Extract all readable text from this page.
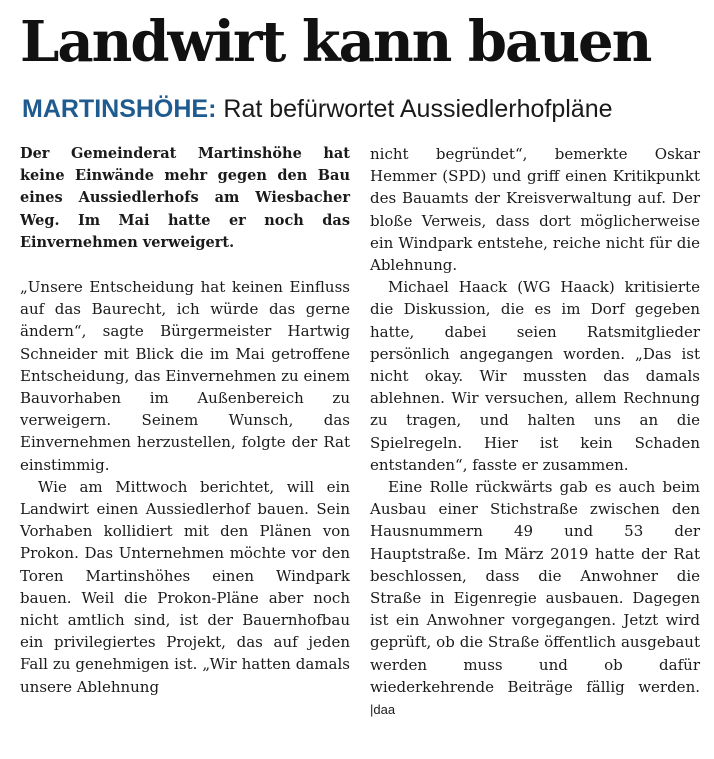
Landwirt kann bauen
MARTINSHÖHE: Rat befürwortet Aussiedlerhofpläne

Der Gemeinderat Martinshöhe hat keine Einwände mehr gegen den Bau eines Aussiedlerhofs am Wiesbacher Weg. Im Mai hatte er noch das Einvernehmen verweigert.

„Unsere Entscheidung hat keinen Einfluss auf das Baurecht, ich würde das gerne ändern“, sagte Bürgermeister Hartwig Schneider mit Blick die im Mai getroffene Entscheidung, das Einvernehmen zu einem Bauvorhaben im Außenbereich zu verweigern. Seinem Wunsch, das Einvernehmen herzustellen, folgte der Rat einstimmig.

Wie am Mittwoch berichtet, will ein Landwirt einen Aussiedlerhof bauen. Sein Vorhaben kollidiert mit den Plänen von Prokon. Das Unternehmen möchte vor den Toren Martinshöhes einen Windpark bauen. Weil die Prokon-Pläne aber noch nicht amtlich sind, ist der Bauernhofbau ein privilegiertes Projekt, das auf jeden Fall zu genehmigen ist. „Wir hatten damals unsere Ablehnung

nicht begründet“, bemerkte Oskar Hemmer (SPD) und griff einen Kritikpunkt des Bauamts der Kreisverwaltung auf. Der bloße Verweis, dass dort möglicherweise ein Windpark entstehe, reiche nicht für die Ablehnung.

Michael Haack (WG Haack) kritisierte die Diskussion, die es im Dorf gegeben hatte, dabei seien Ratsmitglieder persönlich angegangen worden. „Das ist nicht okay. Wir mussten das damals ablehnen. Wir versuchen, allem Rechnung zu tragen, und halten uns an die Spielregeln. Hier ist kein Schaden entstanden“, fasste er zusammen.

Eine Rolle rückwärts gab es auch beim Ausbau einer Stichstraße zwischen den Hausnummern 49 und 53 der Hauptstraße. Im März 2019 hatte der Rat beschlossen, dass die Anwohner die Straße in Eigenregie ausbauen. Dagegen ist ein Anwohner vorgegangen. Jetzt wird geprüft, ob die Straße öffentlich ausgebaut werden muss und ob dafür wiederkehrende Beiträge fällig werden. |daa
